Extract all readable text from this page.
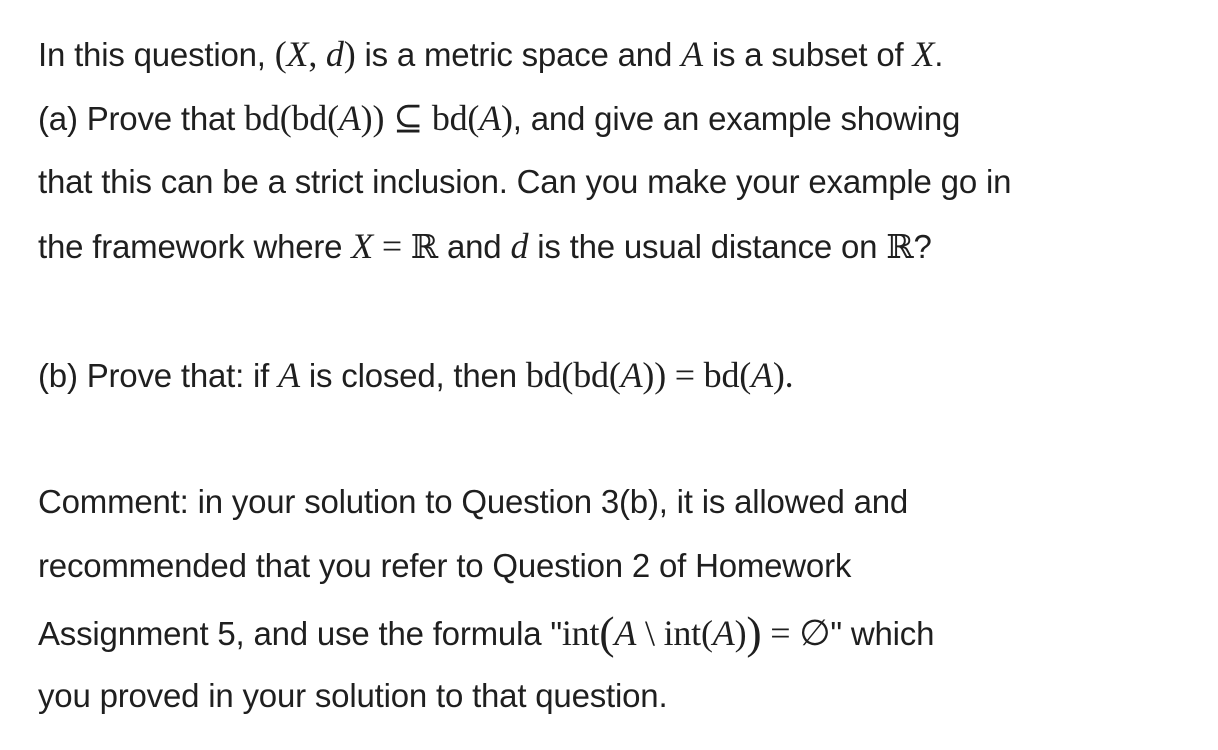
In this question, (X, d) is a metric space and A is a subset of X.
(a) Prove that bd(bd(A)) ⊆ bd(A), and give an example showing
that this can be a strict inclusion. Can you make your example go in
the framework where X = ℝ and d is the usual distance on ℝ?
(b) Prove that: if A is closed, then bd(bd(A)) = bd(A).
Comment: in your solution to Question 3(b), it is allowed and
recommended that you refer to Question 2 of Homework
Assignment 5, and use the formula "int(A \ int(A)) = ∅" which
you proved in your solution to that question.
